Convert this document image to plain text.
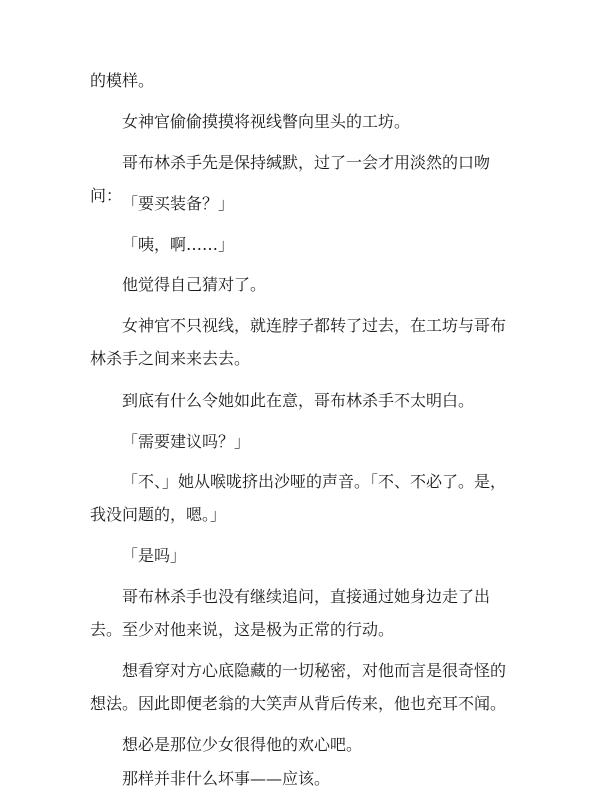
的模样。

女神官偷偷摸摸将视线瞥向里头的工坊。

哥布林杀手先是保持缄默，过了一会才用淡然的口吻问： 「要买装备？」

「咦，啊……」

他觉得自己猜对了。

女神官不只视线，就连脖子都转了过去，在工坊与哥布林杀手之间来来去去。

到底有什么令她如此在意，哥布林杀手不太明白。

「需要建议吗？」

「不、」她从喉咙挤出沙哑的声音。「不、不必了。是，我没问题的，嗯。」

「是吗」

哥布林杀手也没有继续追问，直接通过她身边走了出去。至少对他来说，这是极为正常的行动。

想看穿对方心底隐藏的一切秘密，对他而言是很奇怪的想法。因此即便老翁的大笑声从背后传来，他也充耳不闻。

想必是那位少女很得他的欢心吧。

那样并非什么坏事——应该。
